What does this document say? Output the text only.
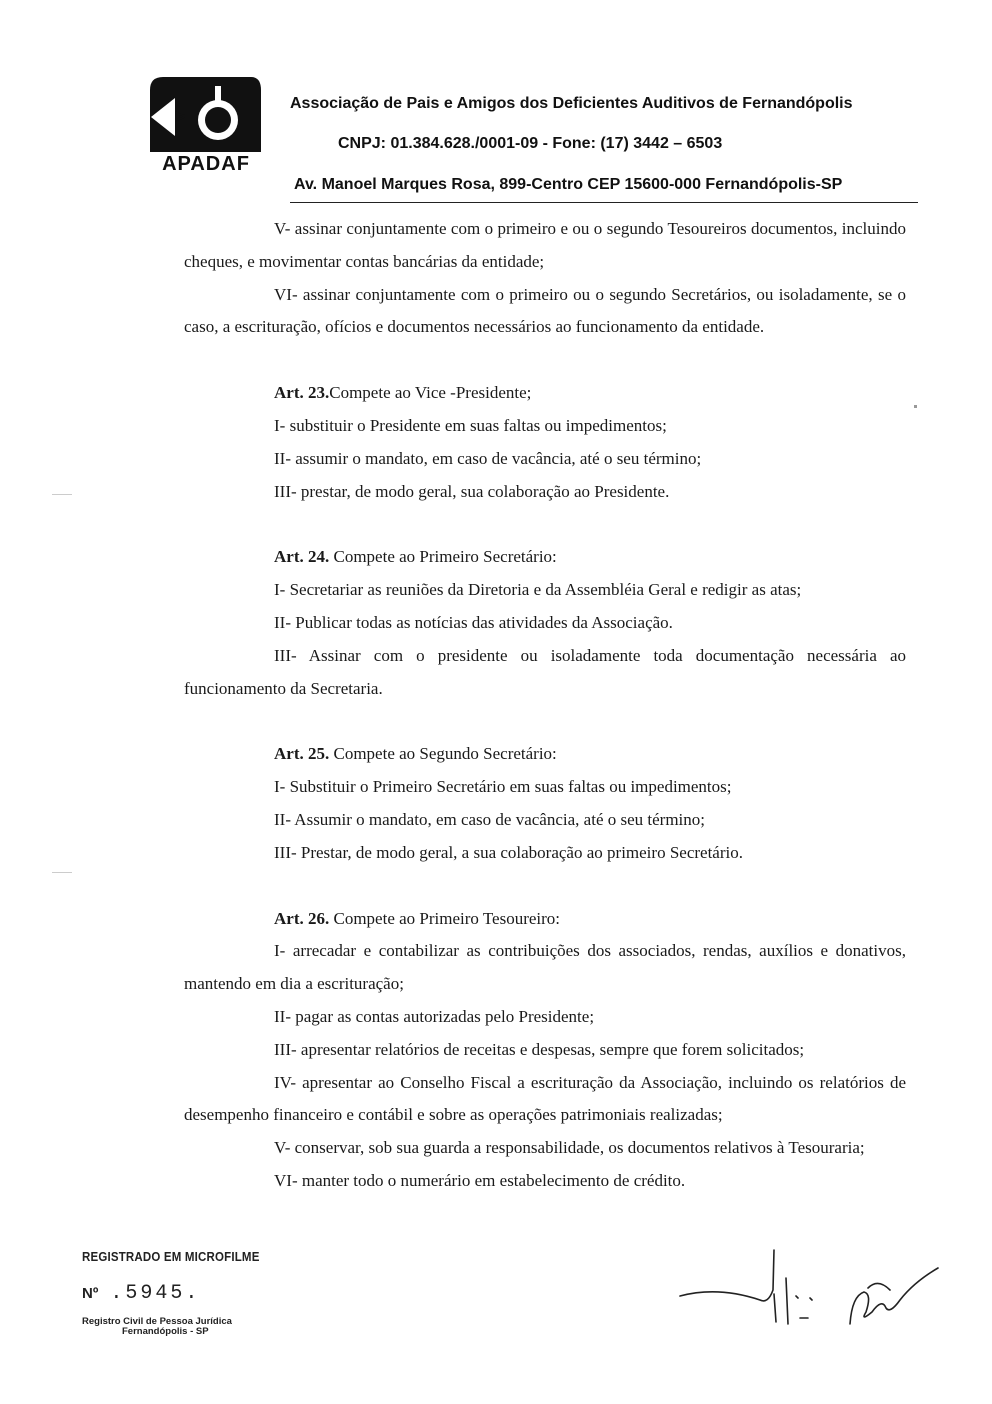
A
APADAF
Associação de Pais e Amigos dos Deficientes Auditivos de Fernandópolis
CNPJ: 01.384.628./0001-09 - Fone: (17) 3442 – 6503
Av. Manoel Marques Rosa, 899-Centro CEP 15600-000 Fernandópolis-SP

V- assinar conjuntamente com o primeiro e ou o segundo Tesoureiros documentos, incluindo cheques, e movimentar contas bancárias da entidade;

VI- assinar conjuntamente com o primeiro ou o segundo Secretários, ou isoladamente, se o caso, a escrituração, ofícios e documentos necessários ao funcionamento da entidade.

Art. 23.Compete ao Vice -Presidente;

I- substituir o Presidente em suas faltas ou impedimentos;

II- assumir o mandato, em caso de vacância, até o seu término;

III- prestar, de modo geral, sua colaboração ao Presidente.

Art. 24. Compete ao Primeiro Secretário:

I- Secretariar as reuniões da Diretoria e da Assembléia Geral e redigir as atas;

II- Publicar todas as notícias das atividades da Associação.

III- Assinar com o presidente ou isoladamente toda documentação necessária ao funcionamento da Secretaria.

Art. 25. Compete ao Segundo Secretário:

I- Substituir o Primeiro Secretário em suas faltas ou impedimentos;

II- Assumir o mandato, em caso de vacância, até o seu término;

III- Prestar, de modo geral, a sua colaboração ao primeiro Secretário.

Art. 26. Compete ao Primeiro Tesoureiro:

I- arrecadar e contabilizar as contribuições dos associados, rendas, auxílios e donativos, mantendo em dia a escrituração;

II- pagar as contas autorizadas pelo Presidente;

III- apresentar relatórios de receitas e despesas, sempre que forem solicitados;

IV- apresentar ao Conselho Fiscal a escrituração da Associação, incluindo os relatórios de desempenho financeiro e contábil e sobre as operações patrimoniais realizadas;

V- conservar, sob sua guarda a responsabilidade, os documentos relativos à Tesouraria;

VI- manter todo o numerário em estabelecimento de crédito.

REGISTRADO EM MICROFILME
Nº .5945.
Registro Civil de Pessoa Jurídica
Fernandópolis - SP
